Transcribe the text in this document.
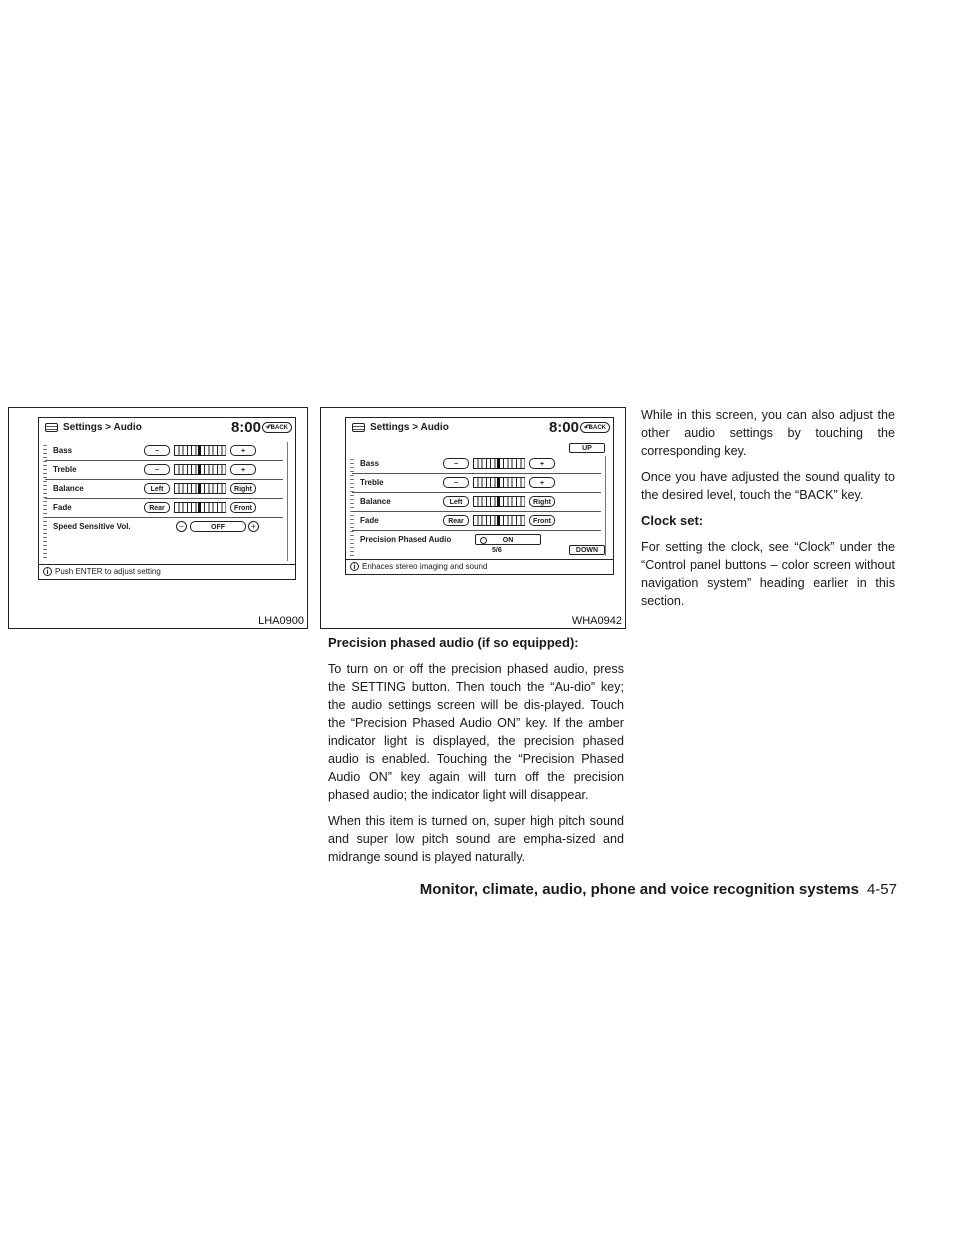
Settings > Audio	8:00	↶ BACK
Bass	−	+
Treble	−	+
Balance	Left	Right
Fade	Rear	Front
Speed Sensitive Vol.	−	OFF	+
i Push ENTER to adjust setting
LHA0900
Settings > Audio	8:00	↶ BACK
UP
Bass	−	+
Treble	−	+
Balance	Left	Right
Fade	Rear	Front
Precision Phased Audio	ON
5/6	DOWN
i Enhaces stereo imaging and sound
WHA0942
Precision phased audio (if so equipped):

To turn on or off the precision phased audio, press the SETTING button. Then touch the “Au-dio” key; the audio settings screen will be dis-played. Touch the “Precision Phased Audio ON” key. If the amber indicator light is displayed, the precision phased audio is enabled. Touching the “Precision Phased Audio ON” key again will turn off the precision phased audio; the indicator light will disappear.

When this item is turned on, super high pitch sound and super low pitch sound are empha-sized and midrange sound is played naturally.

While in this screen, you can also adjust the other audio settings by touching the corresponding key.

Once you have adjusted the sound quality to the desired level, touch the “BACK” key.

Clock set:

For setting the clock, see “Clock” under the “Control panel buttons – color screen without navigation system” heading earlier in this section.

Monitor, climate, audio, phone and voice recognition systems 4-57
